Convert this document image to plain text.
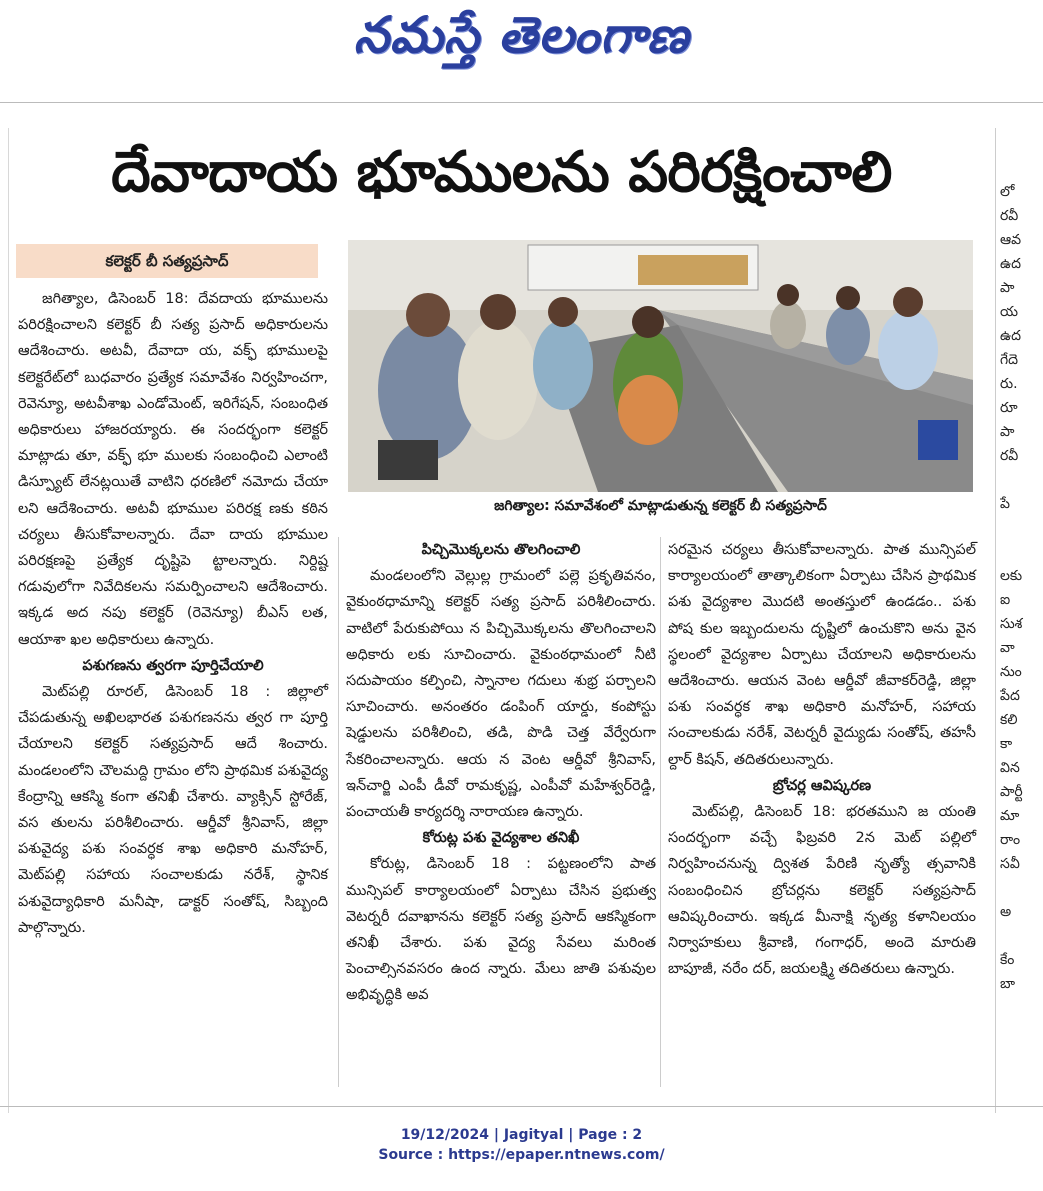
నమస్తే తెలంగాణ
దేవాదాయ భూములను పరిరక్షించాలి
కలెక్టర్ బీ సత్యప్రసాద్

జగిత్యాల, డిసెంబర్ 18: దేవదాయ భూములను పరిరక్షించాలని కలెక్టర్ బీ సత్య ప్రసాద్ అధికారులను ఆదేశించారు. అటవీ, దేవాదా య, వక్ఫ్ భూములపై కలెక్టరేట్‌లో బుధవారం ప్రత్యేక సమావేశం నిర్వహించగా, రెవెన్యూ, అటవీశాఖ ఎండోమెంట్, ఇరిగేషన్, సంబంధిత అధికారులు హాజరయ్యారు. ఈ సందర్భంగా కలెక్టర్ మాట్లాడు తూ, వక్ఫ్ భూ ములకు సంబంధించి ఎలాంటి డిస్ప్యూట్ లేనట్లయితే వాటిని ధరణిలో నమోదు చేయా లని ఆదేశించారు. అటవీ భూముల పరిరక్ష ణకు కఠిన చర్యలు తీసుకోవాలన్నారు. దేవా దాయ భూముల పరిరక్షణపై ప్రత్యేక దృష్టిపె ట్టాలన్నారు. నిర్దిష్ట గడువులోగా నివేదికలను సమర్పించాలని ఆదేశించారు. ఇక్కడ అద నపు కలెక్టర్ (రెవెన్యూ) బీఎస్ లత, ఆయాశా ఖల అధికారులు ఉన్నారు.

పశుగణను త్వరగా పూర్తిచేయాలి

మెట్‌పల్లి రూరల్, డిసెంబర్ 18 : జిల్లాలో చేపడుతున్న అఖిలభారత పశుగణనను త్వర గా పూర్తి చేయాలని కలెక్టర్ సత్యప్రసాద్ ఆదే శించారు. మండలంలోని చౌలమద్ది గ్రామం లోని ప్రాథమిక పశువైద్య కేంద్రాన్ని ఆకస్మి కంగా తనిఖీ చేశారు. వ్యాక్సిన్ స్టోరేజ్, వస తులను పరిశీలించారు. ఆర్డీవో శ్రీనివాస్, జిల్లా పశువైద్య పశు సంవర్ధక శాఖ అధికారి మనోహర్, మెట్‌పల్లి సహాయ సంచాలకుడు నరేశ్, స్థానిక పశువైద్యాధికారి మనీషా, డాక్టర్ సంతోష్, సిబ్బంది పాల్గొన్నారు.

జగిత్యాల: సమావేశంలో మాట్లాడుతున్న కలెక్టర్ బీ సత్యప్రసాద్

పిచ్చిమొక్కలను తొలగించాలి

మండలంలోని వెల్లుల్ల గ్రామంలో పల్లె ప్రకృతివనం, వైకుంఠధామాన్ని కలెక్టర్ సత్య ప్రసాద్ పరిశీలించారు. వాటిలో పేరుకుపోయి న పిచ్చిమొక్కలను తొలగించాలని అధికారు లకు సూచించారు. వైకుంఠధామంలో నీటి సదుపాయం కల్పించి, స్నానాల గదులు శుభ్ర పర్చాలని సూచించారు. అనంతరం డంపింగ్ యార్డు, కంపోస్టు షెడ్డులను పరిశీలించి, తడి, పొడి చెత్త వేర్వేరుగా సేకరించాలన్నారు. ఆయ న వెంట ఆర్డీవో శ్రీనివాస్, ఇన్‌చార్జి ఎంపీ డీవో రామకృష్ణ, ఎంపీవో మహేశ్వర్‌రెడ్డి, పంచాయతీ కార్యదర్శి నారాయణ ఉన్నారు.

కోరుట్ల పశు వైద్యశాల తనిఖీ

కోరుట్ల, డిసెంబర్ 18 : పట్టణంలోని పాత మున్సిపల్ కార్యాలయంలో ఏర్పాటు చేసిన ప్రభుత్వ వెటర్నరీ దవాఖానను కలెక్టర్ సత్య ప్రసాద్ ఆకస్మికంగా తనిఖీ చేశారు. పశు వైద్య సేవలు మరింత పెంచాల్సినవసరం ఉంద న్నారు. మేలు జాతి పశువుల అభివృద్ధికి అవ

సరమైన చర్యలు తీసుకోవాలన్నారు. పాత మున్సిపల్ కార్యాలయంలో తాత్కాలికంగా ఏర్పాటు చేసిన ప్రాథమిక పశు వైద్యశాల మొదటి అంతస్తులో ఉండడం.. పశు పోష కుల ఇబ్బందులను దృష్టిలో ఉంచుకొని అను వైన స్థలంలో వైద్యశాల ఏర్పాటు చేయాలని అధికారులను ఆదేశించారు. ఆయన వెంట ఆర్డీవో జీవాకర్‌రెడ్డి, జిల్లా పశు సంవర్ధక శాఖ అధికారి మనోహర్, సహాయ సంచాలకుడు నరేశ్, వెటర్నరీ వైద్యుడు సంతోష్, తహసీ ల్దార్ కిషన్, తదితరులున్నారు.

బ్రోచర్ల ఆవిష్కరణ

మెట్‌పల్లి, డిసెంబర్ 18: భరతముని జ యంతి సందర్భంగా వచ్చే ఫిబ్రవరి 2న మెట్ పల్లిలో నిర్వహించనున్న ద్విశత పేరిణి నృత్యో త్సవానికి సంబంధించిన బ్రోచర్లను కలెక్టర్ సత్యప్రసాద్ ఆవిష్కరించారు. ఇక్కడ మీనాక్షి నృత్య కళానిలయం నిర్వాహకులు శ్రీవాణి, గంగాధర్, అందె మారుతి బాపూజీ, నరేం దర్, జయలక్ష్మి తదితరులు ఉన్నారు.

లో
రవీ
ఆవ
ఉద
పా
య
ఉద
గేదె
రు.
రూ
పా
రవీ
పే
లకు
ఐ
సుశ
వా
నుం
పేద
కలి
కా
విన
పార్టీ
మా
రాం
సవీ
అ
కేం
బా
19/12/2024 | Jagityal | Page : 2
Source : https://epaper.ntnews.com/
